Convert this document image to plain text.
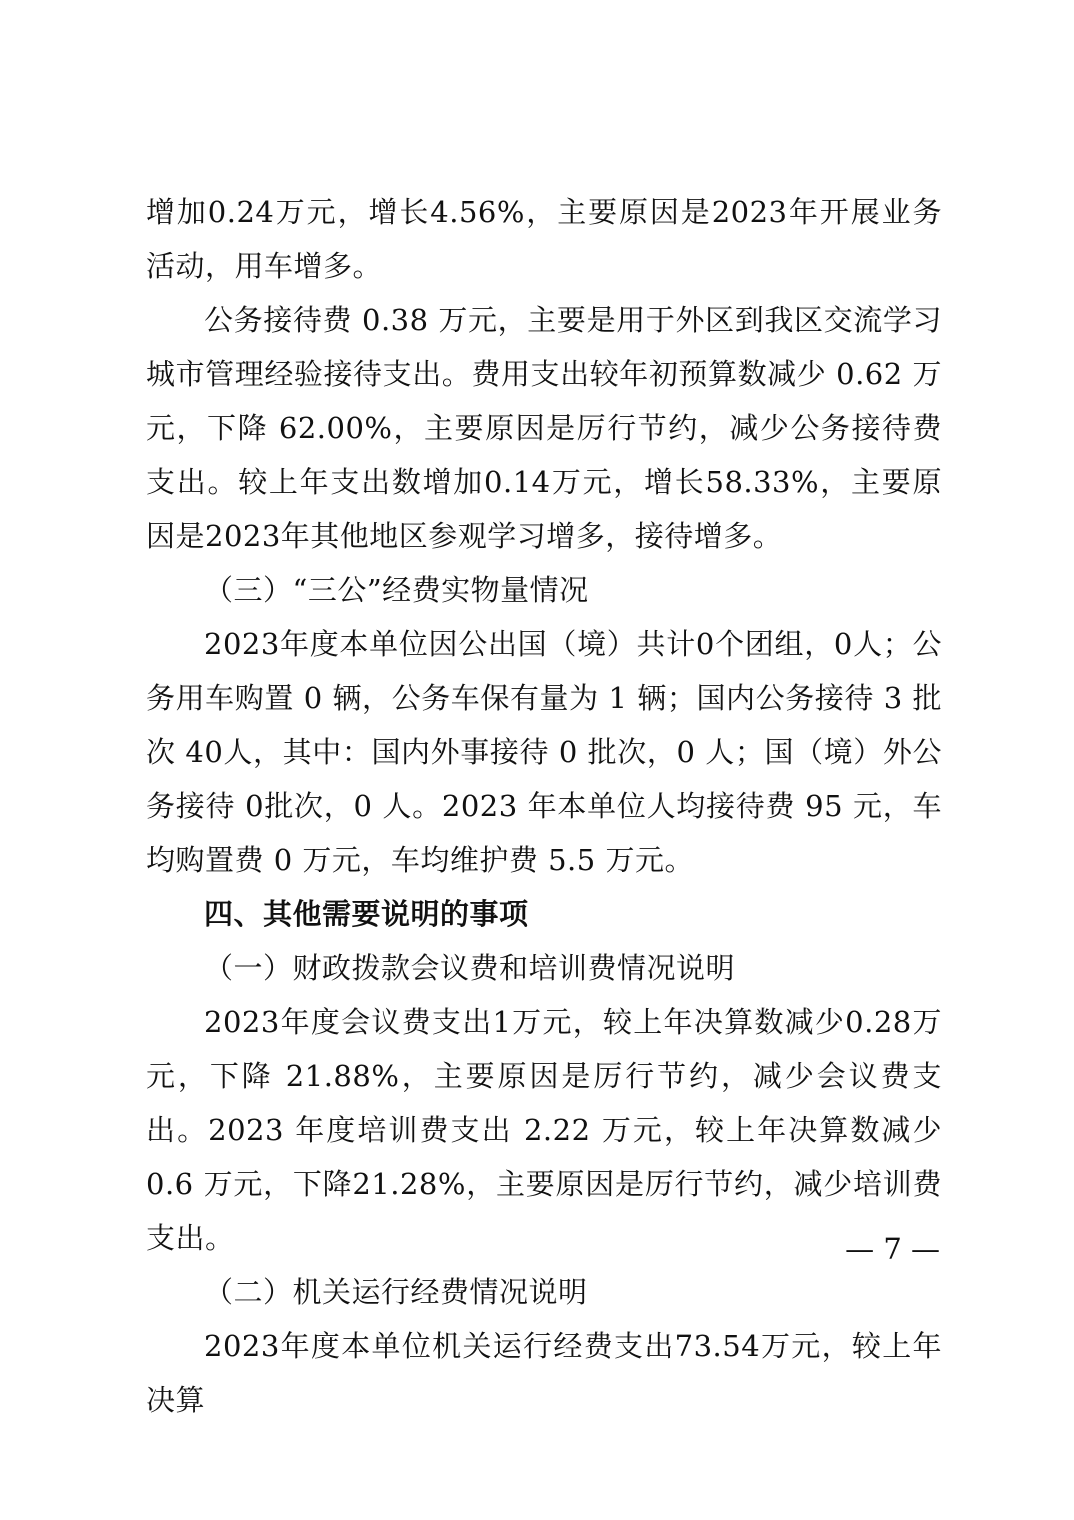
增加0.24万元，增长4.56%，主要原因是2023年开展业务活动，用车增多。

公务接待费 0.38 万元，主要是用于外区到我区交流学习城市管理经验接待支出。费用支出较年初预算数减少 0.62 万元，下降 62.00%，主要原因是厉行节约，减少公务接待费支出。较上年支出数增加0.14万元，增长58.33%，主要原因是2023年其他地区参观学习增多，接待增多。

（三）“三公”经费实物量情况

2023年度本单位因公出国（境）共计0个团组，0人；公务用车购置 0 辆，公务车保有量为 1 辆；国内公务接待 3 批次 40人，其中：国内外事接待 0 批次，0 人；国（境）外公务接待 0批次，0 人。2023 年本单位人均接待费 95 元，车均购置费 0 万元，车均维护费 5.5 万元。

四、其他需要说明的事项

（一）财政拨款会议费和培训费情况说明

2023年度会议费支出1万元，较上年决算数减少0.28万元，下降 21.88%，主要原因是厉行节约，减少会议费支出。2023 年度培训费支出 2.22 万元，较上年决算数减少 0.6 万元，下降21.28%，主要原因是厉行节约，减少培训费支出。

（二）机关运行经费情况说明

2023年度本单位机关运行经费支出73.54万元，较上年决算

— 7 —
